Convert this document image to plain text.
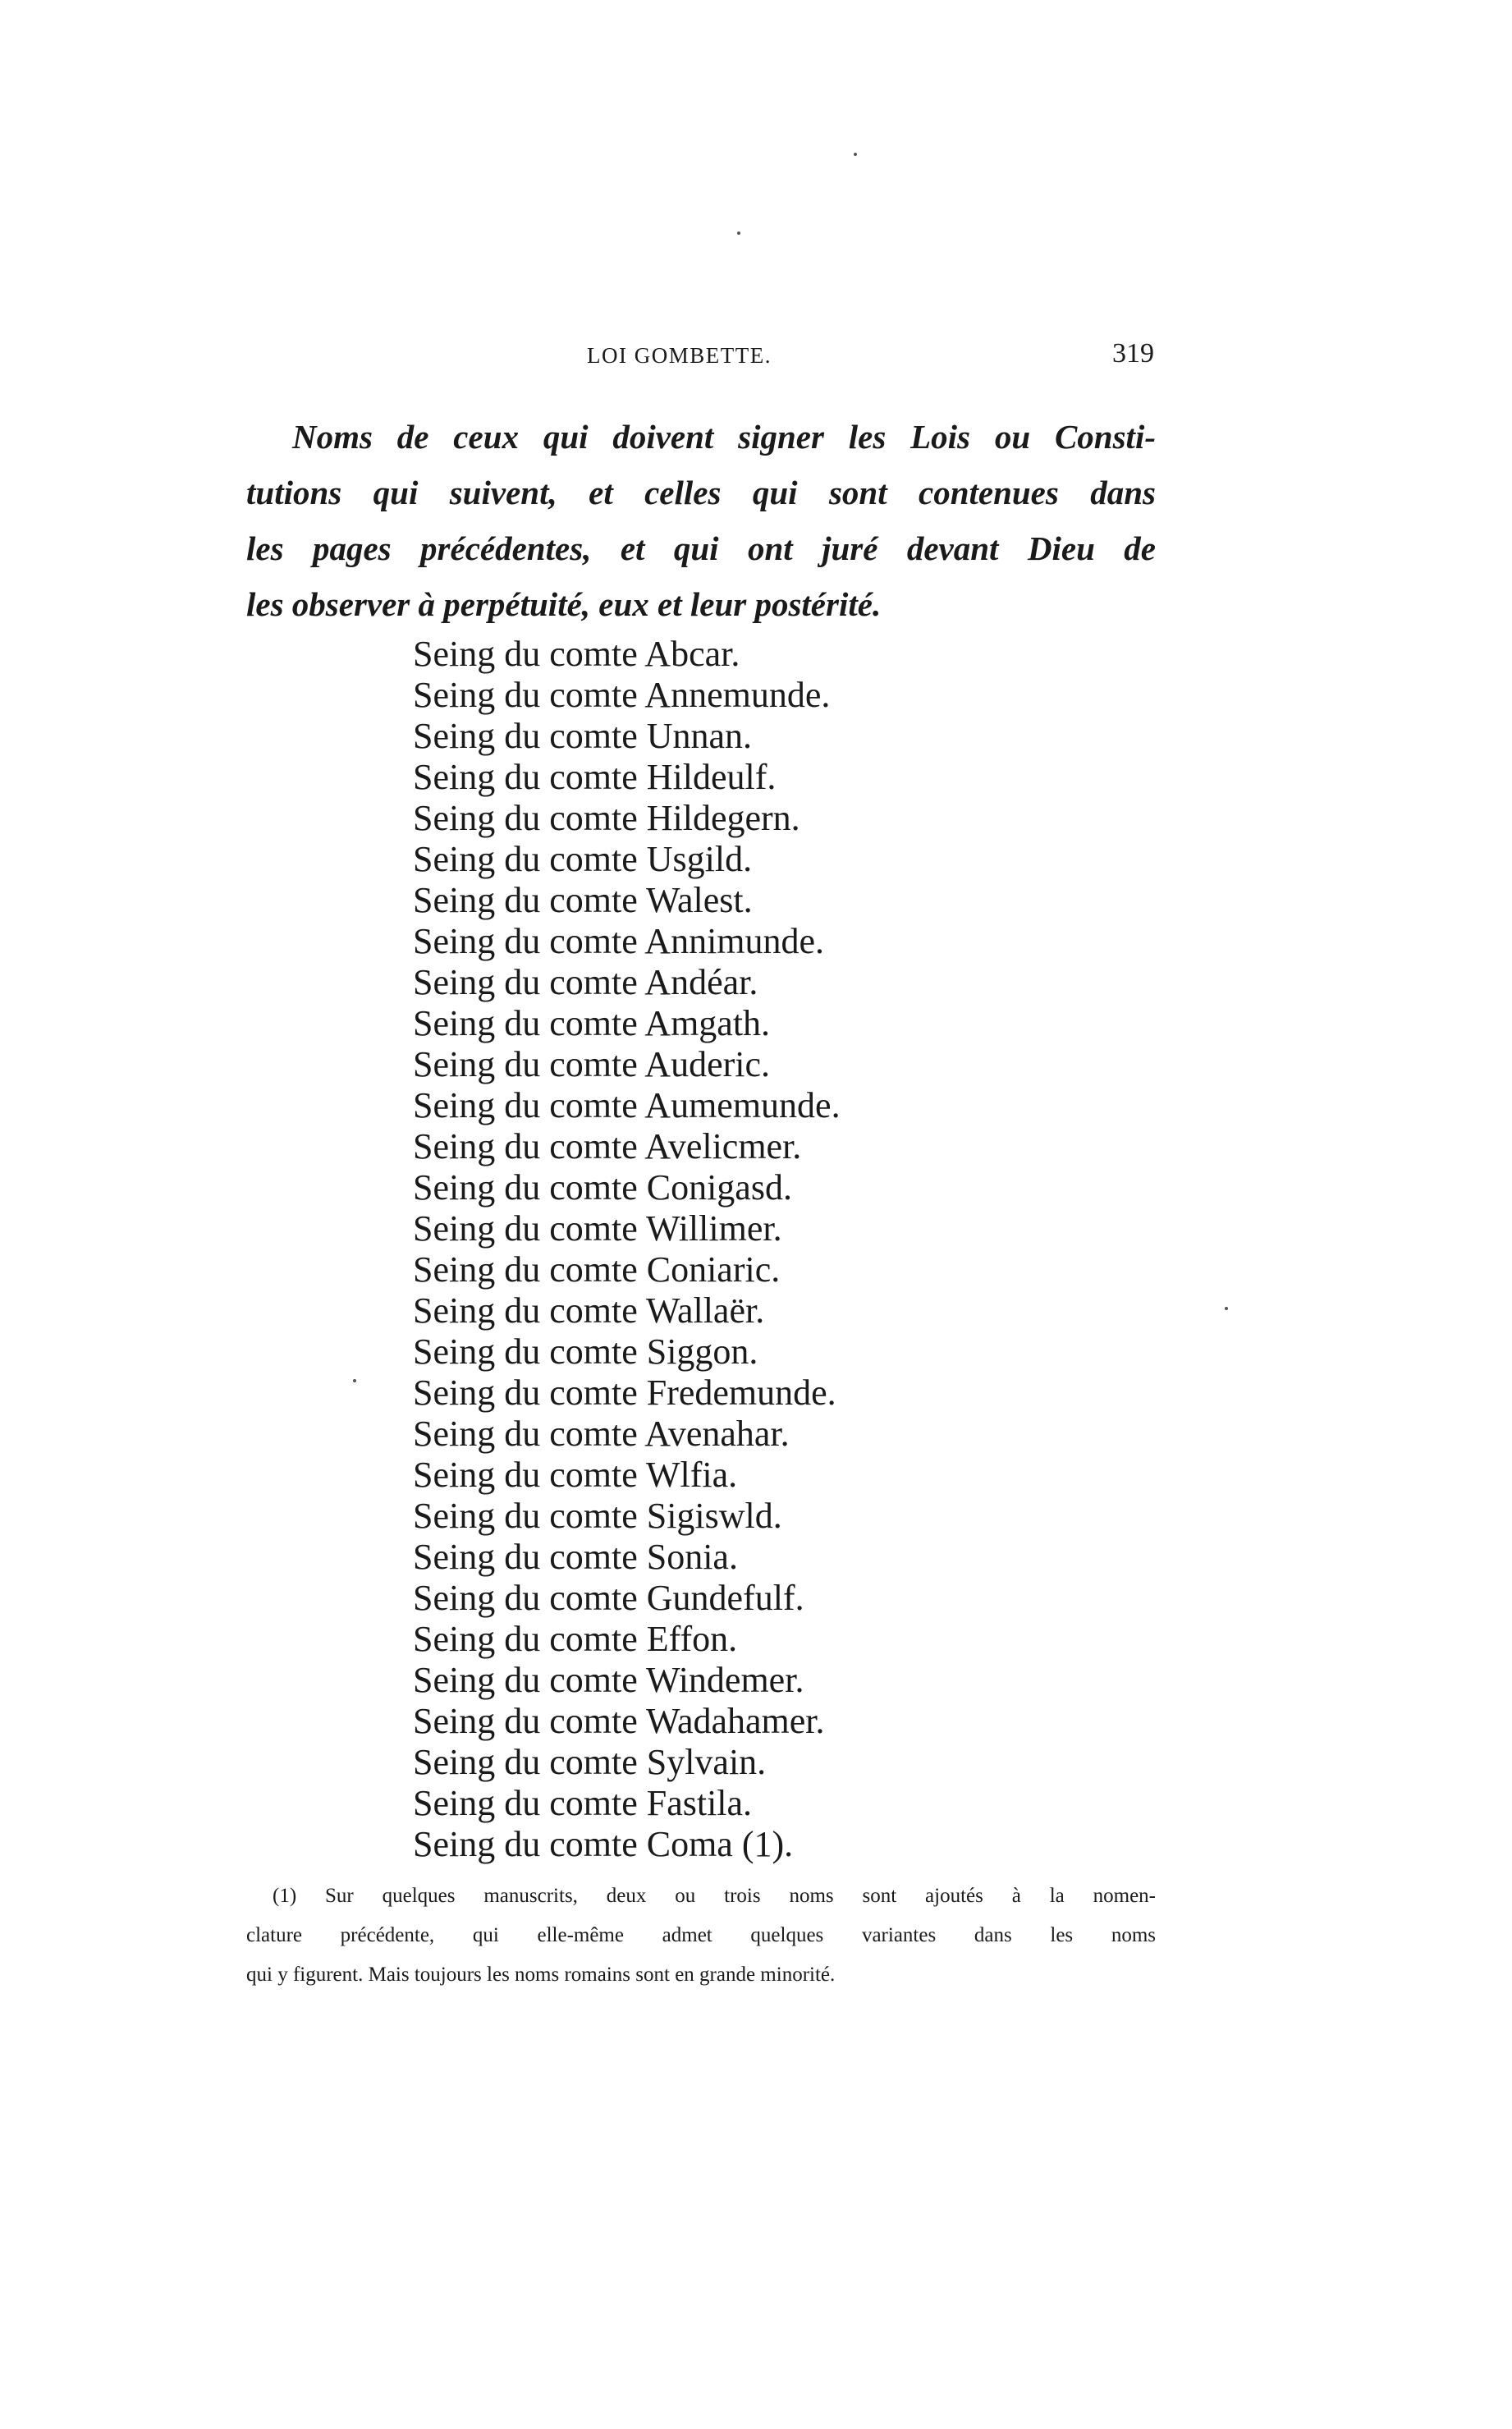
LOI GOMBETTE.	319
Noms de ceux qui doivent signer les Lois ou Consti-
tutions qui suivent, et celles qui sont contenues dans
les pages précédentes, et qui ont juré devant Dieu de
les observer à perpétuité, eux et leur postérité.
Seing du comte Abcar.
Seing du comte Annemunde.
Seing du comte Unnan.
Seing du comte Hildeulf.
Seing du comte Hildegern.
Seing du comte Usgild.
Seing du comte Walest.
Seing du comte Annimunde.
Seing du comte Andéar.
Seing du comte Amgath.
Seing du comte Auderic.
Seing du comte Aumemunde.
Seing du comte Avelicmer.
Seing du comte Conigasd.
Seing du comte Willimer.
Seing du comte Coniaric.
Seing du comte Wallaër.
Seing du comte Siggon.
Seing du comte Fredemunde.
Seing du comte Avenahar.
Seing du comte Wlfia.
Seing du comte Sigiswld.
Seing du comte Sonia.
Seing du comte Gundefulf.
Seing du comte Effon.
Seing du comte Windemer.
Seing du comte Wadahamer.
Seing du comte Sylvain.
Seing du comte Fastila.
Seing du comte Coma (1).
(1) Sur quelques manuscrits, deux ou trois noms sont ajoutés à la nomen-
clature précédente, qui elle-même admet quelques variantes dans les noms
qui y figurent. Mais toujours les noms romains sont en grande minorité.
